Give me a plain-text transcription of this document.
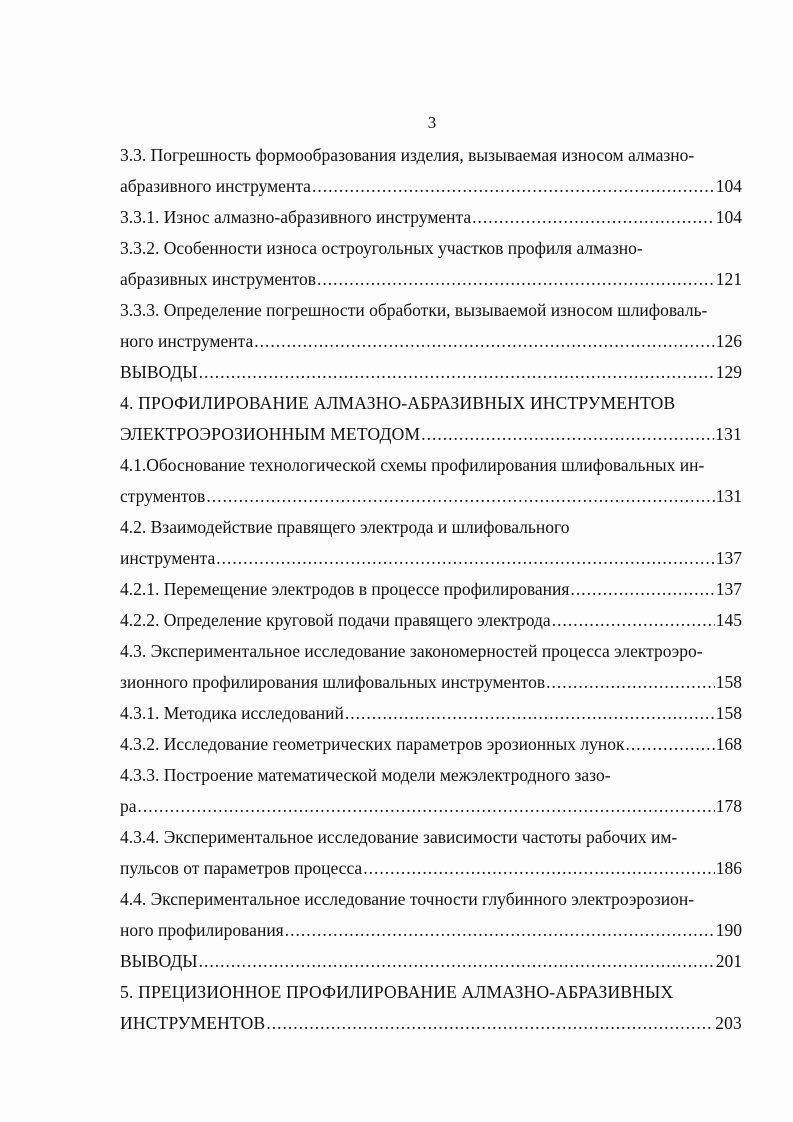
3
3.3. Погрешность формообразования изделия, вызываемая износом алмазно-
абразивного инструмента .....	104
3.3.1. Износ алмазно-абразивного инструмента .....	104
3.3.2. Особенности износа остроугольных участков профиля алмазно-
абразивных инструментов .....	121
3.3.3. Определение погрешности обработки, вызываемой износом шлифоваль-
ного инструмента .....	126
ВЫВОДЫ .....	129
4. ПРОФИЛИРОВАНИЕ АЛМАЗНО-АБРАЗИВНЫХ ИНСТРУМЕНТОВ
ЭЛЕКТРОЭРОЗИОННЫМ МЕТОДОМ .....	131
4.1.Обоснование технологической схемы профилирования шлифовальных ин-
струментов .....	131
4.2. Взаимодействие правящего электрода и шлифовального
инструмента .....	137
4.2.1. Перемещение электродов в процессе профилирования .....	137
4.2.2. Определение круговой подачи правящего электрода .....	145
4.3. Экспериментальное исследование закономерностей процесса электроэро-
зионного профилирования шлифовальных инструментов .....	158
4.3.1. Методика исследований .....	158
4.3.2. Исследование геометрических параметров эрозионных лунок .....	168
4.3.3. Построение математической модели межэлектродного зазо-
ра .....	178
4.3.4. Экспериментальное исследование зависимости частоты рабочих им-
пульсов от параметров процесса .....	186
4.4. Экспериментальное исследование точности глубинного электроэрозион-
ного профилирования .....	190
ВЫВОДЫ .....	201
5. ПРЕЦИЗИОННОЕ ПРОФИЛИРОВАНИЕ АЛМАЗНО-АБРАЗИВНЫХ
ИНСТРУМЕНТОВ .....	203
